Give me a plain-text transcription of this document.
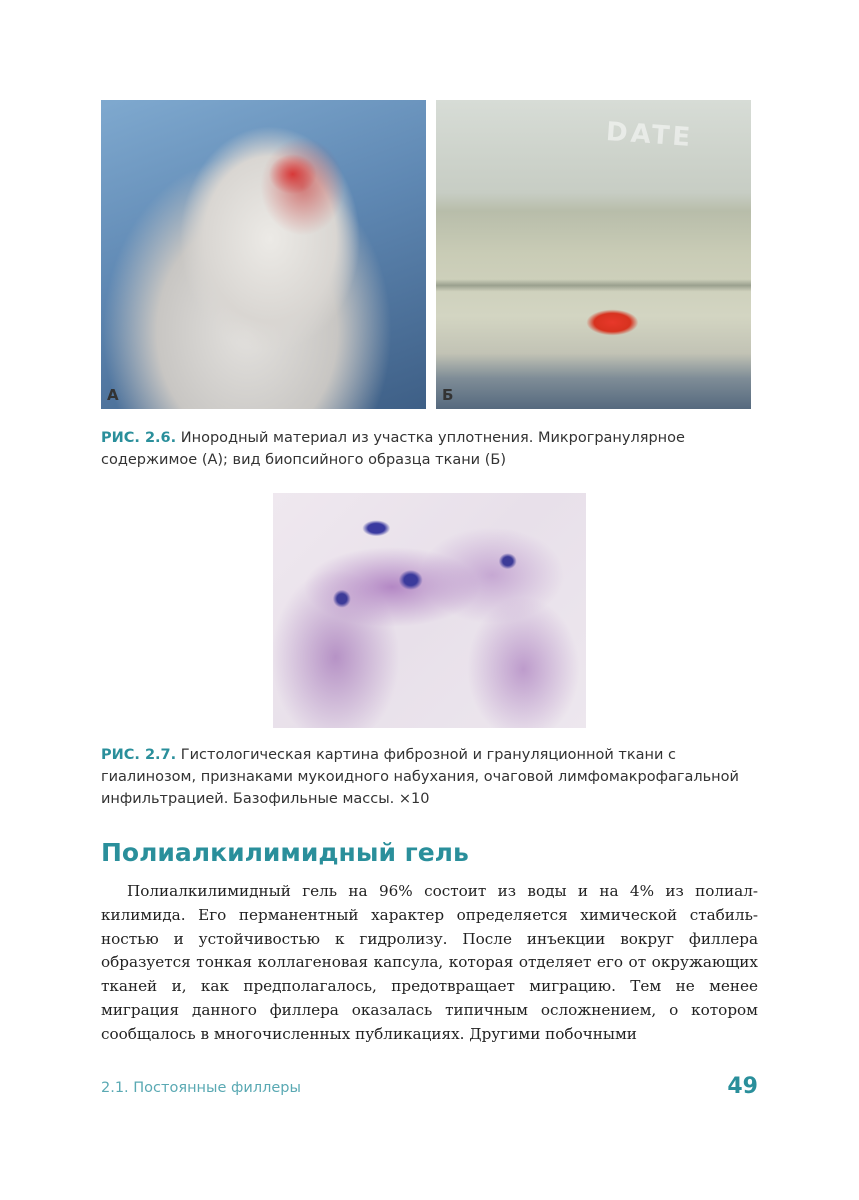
А
DATE
Б

РИС. 2.6. Инородный материал из участка уплотнения. Микрогранулярное содержимое (А); вид биопсийного образца ткани (Б)

РИС. 2.7. Гистологическая картина фиброзной и грануляционной ткани с гиалинозом, признаками мукоидного набухания, очаговой лимфомакрофагальной инфильтрацией. Базофильные массы. ×10

Полиалкилимидный гель

Полиалкилимидный гель на 96% состоит из воды и на 4% из полиалкилимида. Его перманентный характер определяется химической стабильностью и устойчивостью к гидролизу. После инъекции вокруг филлера образуется тонкая коллагеновая капсула, которая отделяет его от окружающих тканей и, как предполагалось, предотвращает миграцию. Тем не менее миграция данного филлера оказалась типичным осложнением, о котором сообщалось в многочисленных публикациях. Другими побочными

2.1. Постоянные филлеры	49
